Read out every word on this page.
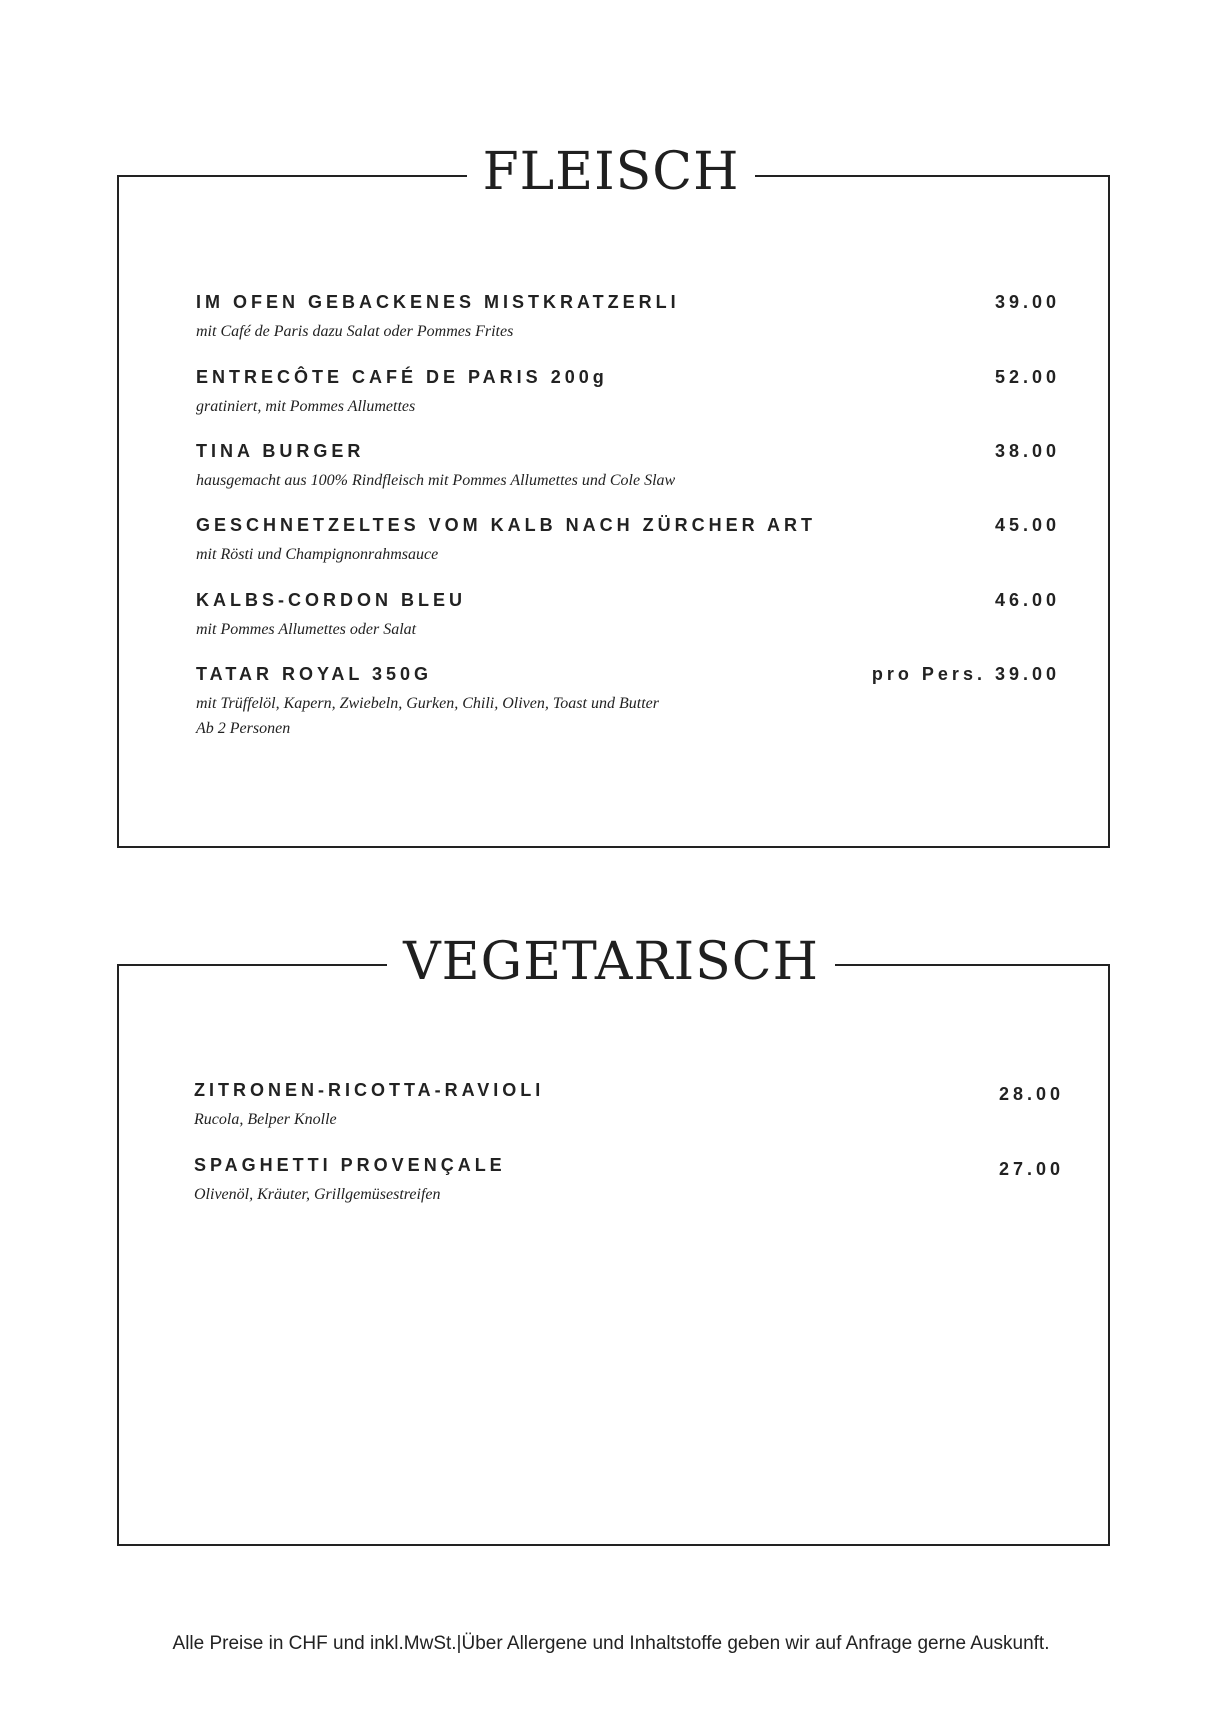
IM OFEN GEBACKENES MISTKRATZERLI	39.00
mit Café de Paris dazu Salat oder Pommes Frites
ENTRECÔTE CAFÉ DE PARIS 200g	52.00
gratiniert, mit Pommes Allumettes
TINA BURGER	38.00
hausgemacht aus 100% Rindfleisch mit Pommes Allumettes und Cole Slaw
GESCHNETZELTES VOM KALB NACH ZÜRCHER ART	45.00
mit Rösti und Champignonrahmsauce
KALBS-CORDON BLEU	46.00
mit Pommes Allumettes oder Salat
TATAR ROYAL 350G	pro Pers. 39.00
mit Trüffelöl, Kapern, Zwiebeln, Gurken, Chili, Oliven, Toast und Butter
Ab 2 Personen
FLEISCH
ZITRONEN-RICOTTA-RAVIOLI	28.00
Rucola, Belper Knolle
SPAGHETTI PROVENÇALE	27.00
Olivenöl, Kräuter, Grillgemüsestreifen
VEGETARISCH
Alle Preise in CHF und inkl.MwSt.|Über Allergene und Inhaltstoffe geben wir auf Anfrage gerne Auskunft.
